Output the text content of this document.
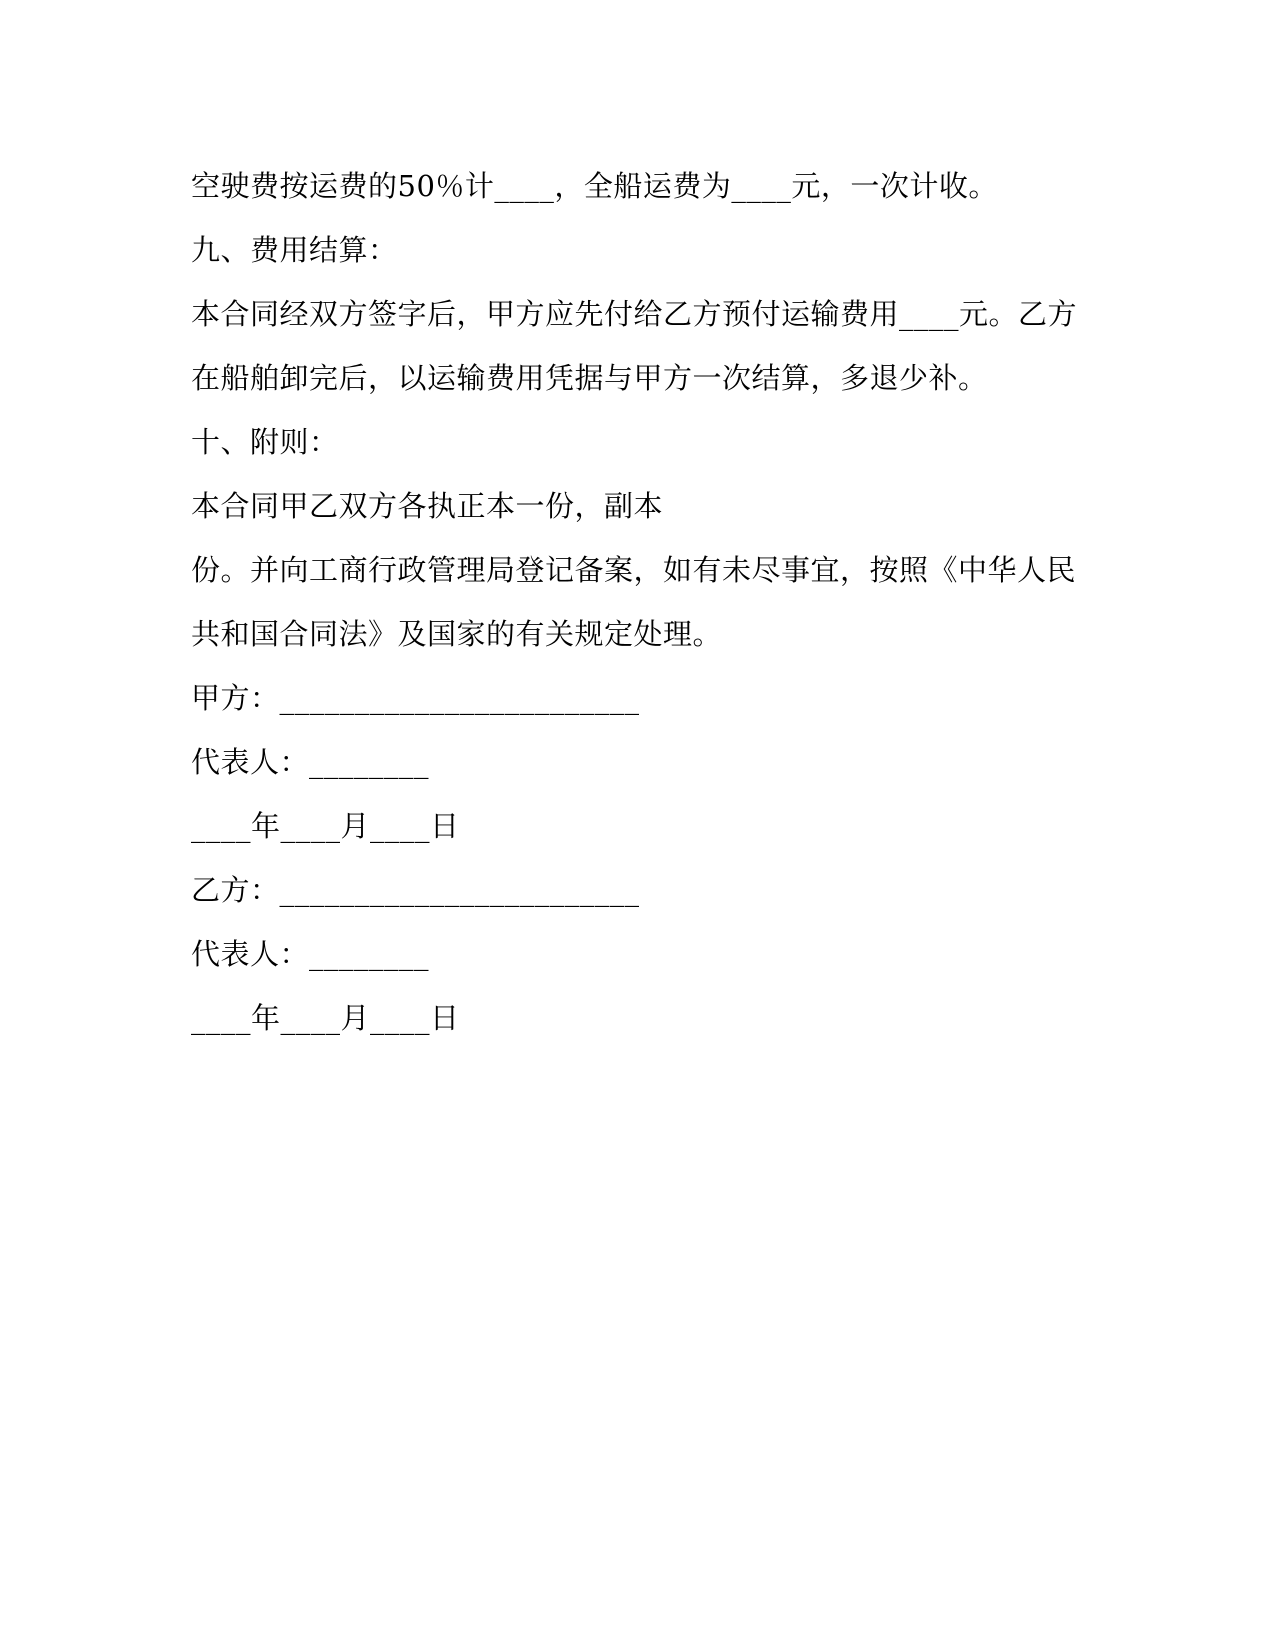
空驶费按运费的50％计____，全船运费为____元，一次计收。
九、费用结算：
本合同经双方签字后，甲方应先付给乙方预付运输费用____元。乙方
在船舶卸完后，以运输费用凭据与甲方一次结算，多退少补。
十、附则：
本合同甲乙双方各执正本一份，副本
份。并向工商行政管理局登记备案，如有未尽事宜，按照《中华人民
共和国合同法》及国家的有关规定处理。
甲方：________________________
代表人：________
____年____月____日
乙方：________________________
代表人：________
____年____月____日
